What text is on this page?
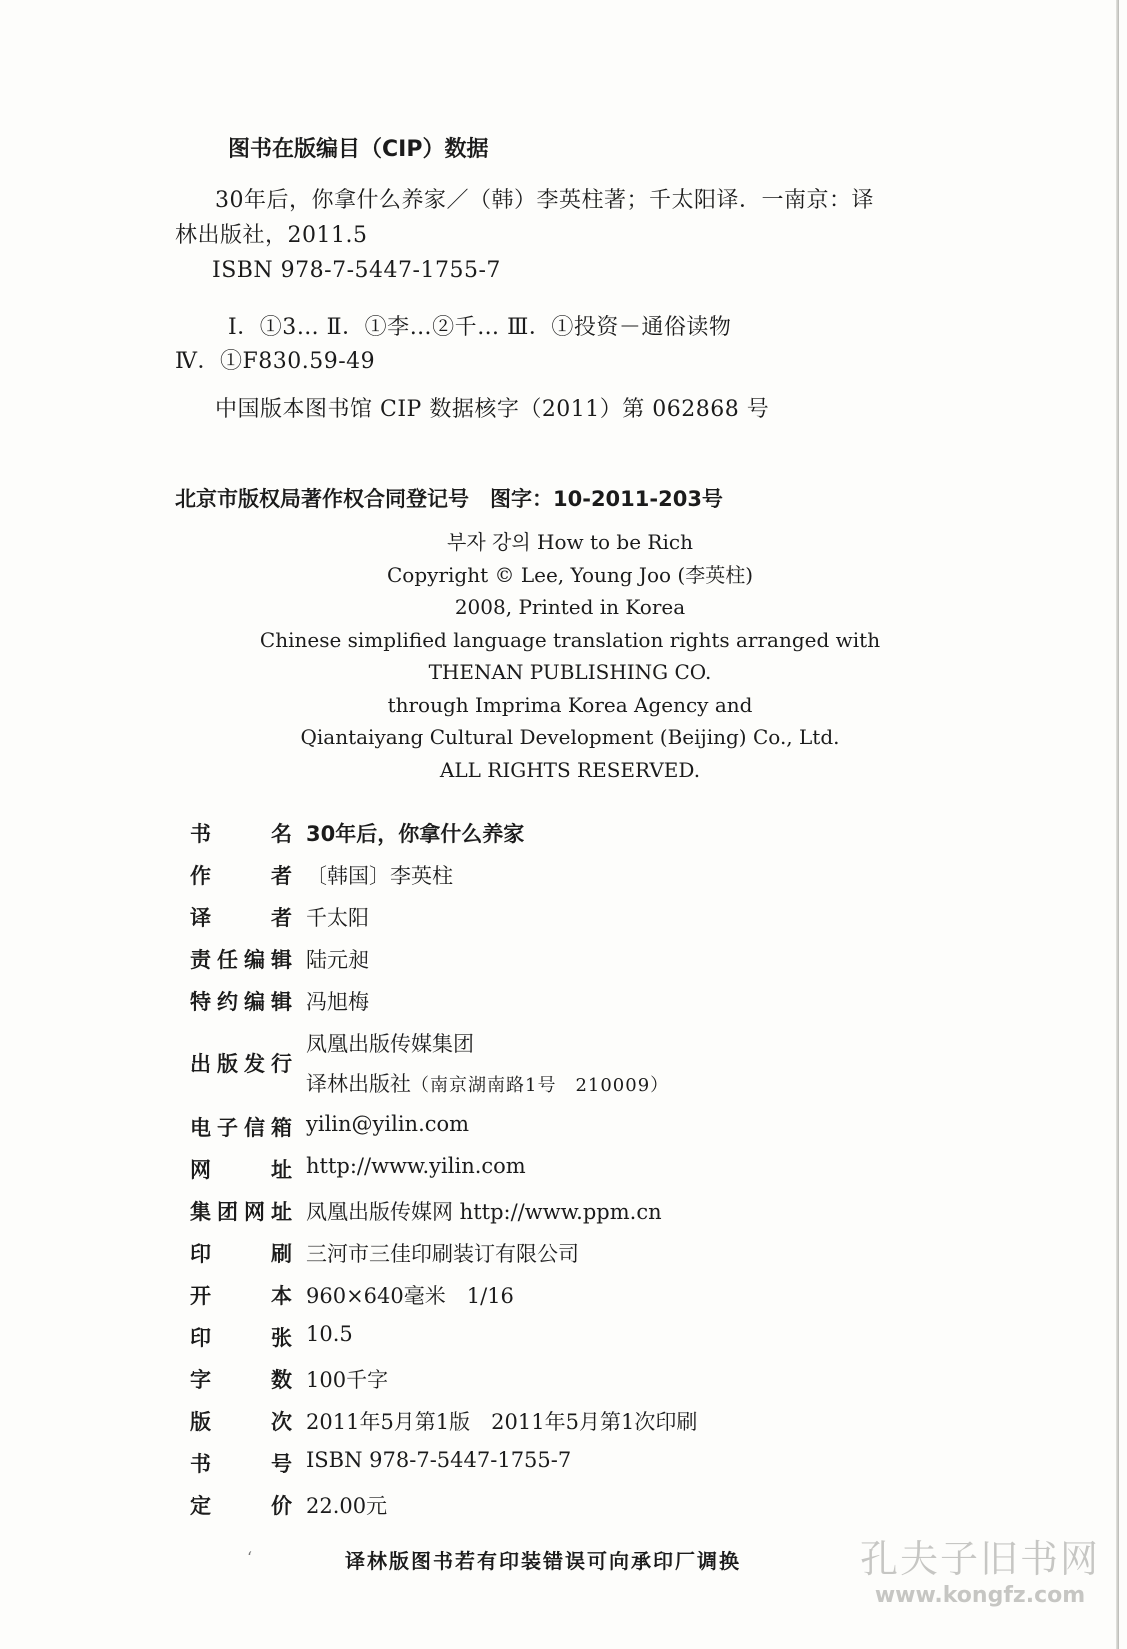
图书在版编目（CIP）数据
30年后，你拿什么养家／（韩）李英柱著；千太阳译．一南京：译
林出版社，2011.5
ISBN 978-7-5447-1755-7
Ⅰ．①3… Ⅱ．①李…②千… Ⅲ．①投资－通俗读物
Ⅳ．①F830.59-49
中国版本图书馆 CIP 数据核字（2011）第 062868 号
北京市版权局著作权合同登记号　图字：10-2011-203号
부자 강의 How to be Rich
Copyright © Lee, Young Joo (李英柱)
2008, Printed in Korea
Chinese simplified language translation rights arranged with
THENAN PUBLISHING CO.
through Imprima Korea Agency and
Qiantaiyang Cultural Development (Beijing) Co., Ltd.
ALL RIGHTS RESERVED.
书 名 30年后，你拿什么养家
作 者 〔韩国〕李英柱
译 者 千太阳
责任编辑 陆元昶
特约编辑 冯旭梅
出版发行
凤凰出版传媒集团
译林出版社（南京湖南路1号　210009）
电子信箱 yilin@yilin.com
网 址 http://www.yilin.com
集团网址 凤凰出版传媒网 http://www.ppm.cn
印 刷 三河市三佳印刷装订有限公司
开 本 960×640毫米　1/16
印 张 10.5
字 数 100千字
版 次 2011年5月第1版　2011年5月第1次印刷
书 号 ISBN 978-7-5447-1755-7
定 价 22.00元
ʻ	译林版图书若有印装错误可向承印厂调换	孔夫子旧书网
www.kongfz.com
